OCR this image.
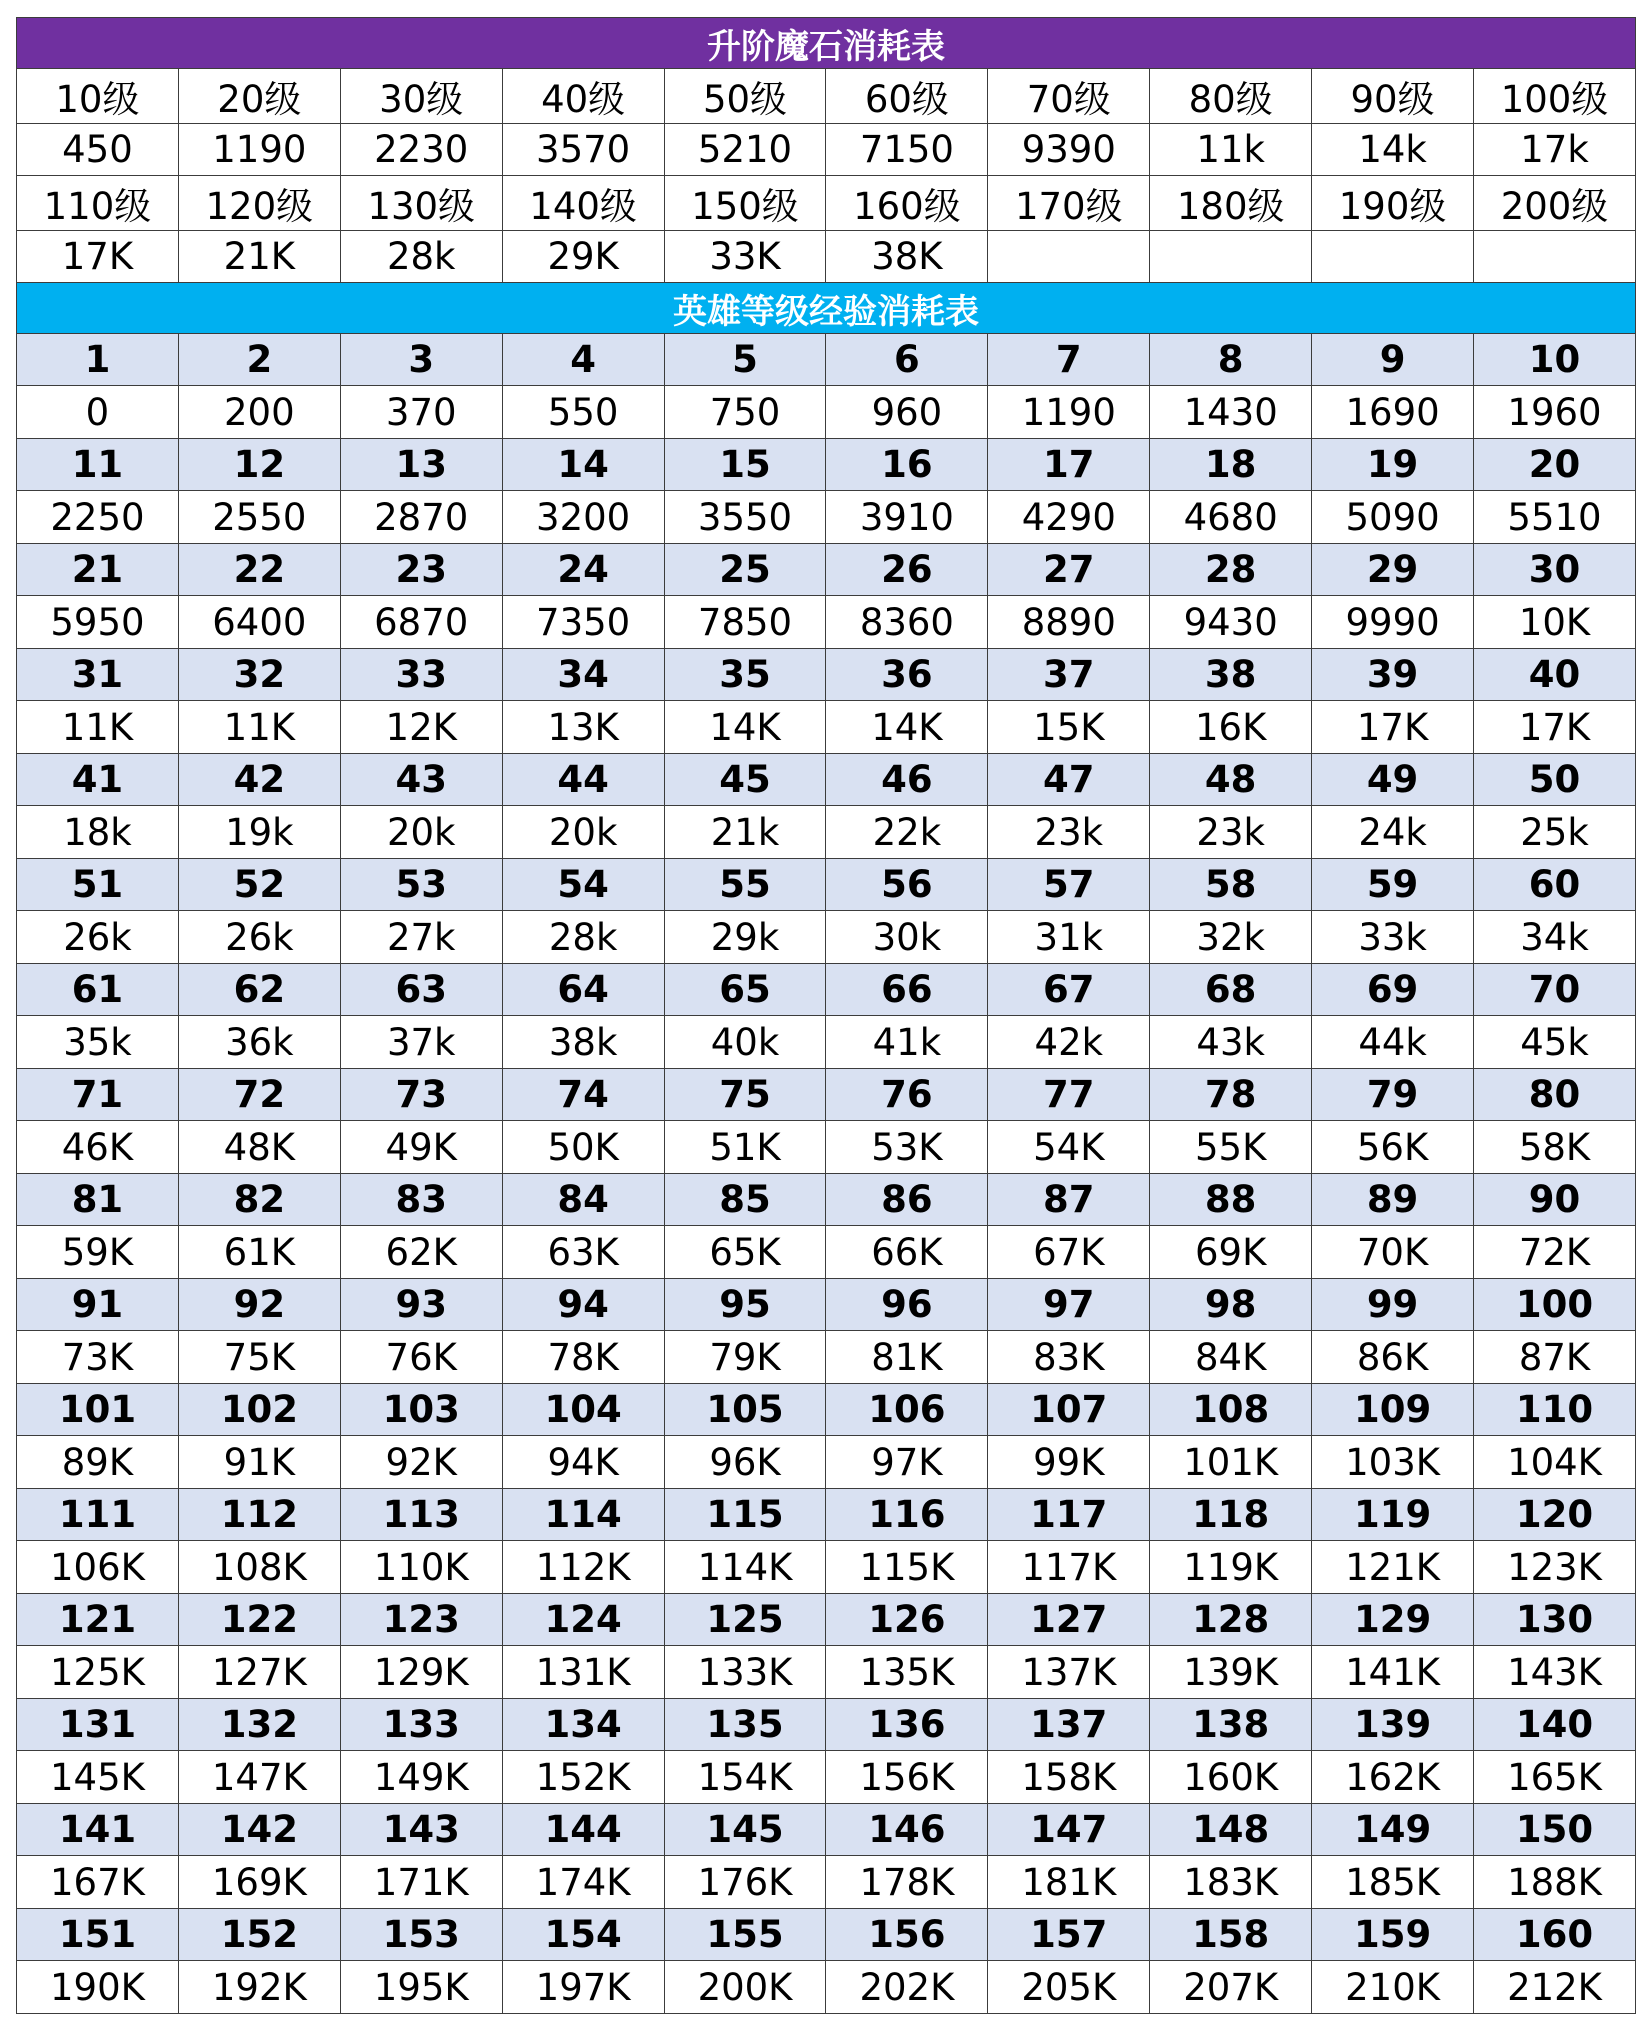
升阶魔石消耗表									
10级	20级	30级	40级	50级	60级	70级	80级	90级	100级
450	1190	2230	3570	5210	7150	9390	11k	14k	17k
110级	120级	130级	140级	150级	160级	170级	180级	190级	200级
17K	21K	28k	29K	33K	38K				
英雄等级经验消耗表									
1	2	3	4	5	6	7	8	9	10
0	200	370	550	750	960	1190	1430	1690	1960
11	12	13	14	15	16	17	18	19	20
2250	2550	2870	3200	3550	3910	4290	4680	5090	5510
21	22	23	24	25	26	27	28	29	30
5950	6400	6870	7350	7850	8360	8890	9430	9990	10K
31	32	33	34	35	36	37	38	39	40
11K	11K	12K	13K	14K	14K	15K	16K	17K	17K
41	42	43	44	45	46	47	48	49	50
18k	19k	20k	20k	21k	22k	23k	23k	24k	25k
51	52	53	54	55	56	57	58	59	60
26k	26k	27k	28k	29k	30k	31k	32k	33k	34k
61	62	63	64	65	66	67	68	69	70
35k	36k	37k	38k	40k	41k	42k	43k	44k	45k
71	72	73	74	75	76	77	78	79	80
46K	48K	49K	50K	51K	53K	54K	55K	56K	58K
81	82	83	84	85	86	87	88	89	90
59K	61K	62K	63K	65K	66K	67K	69K	70K	72K
91	92	93	94	95	96	97	98	99	100
73K	75K	76K	78K	79K	81K	83K	84K	86K	87K
101	102	103	104	105	106	107	108	109	110
89K	91K	92K	94K	96K	97K	99K	101K	103K	104K
111	112	113	114	115	116	117	118	119	120
106K	108K	110K	112K	114K	115K	117K	119K	121K	123K
121	122	123	124	125	126	127	128	129	130
125K	127K	129K	131K	133K	135K	137K	139K	141K	143K
131	132	133	134	135	136	137	138	139	140
145K	147K	149K	152K	154K	156K	158K	160K	162K	165K
141	142	143	144	145	146	147	148	149	150
167K	169K	171K	174K	176K	178K	181K	183K	185K	188K
151	152	153	154	155	156	157	158	159	160
190K	192K	195K	197K	200K	202K	205K	207K	210K	212K
